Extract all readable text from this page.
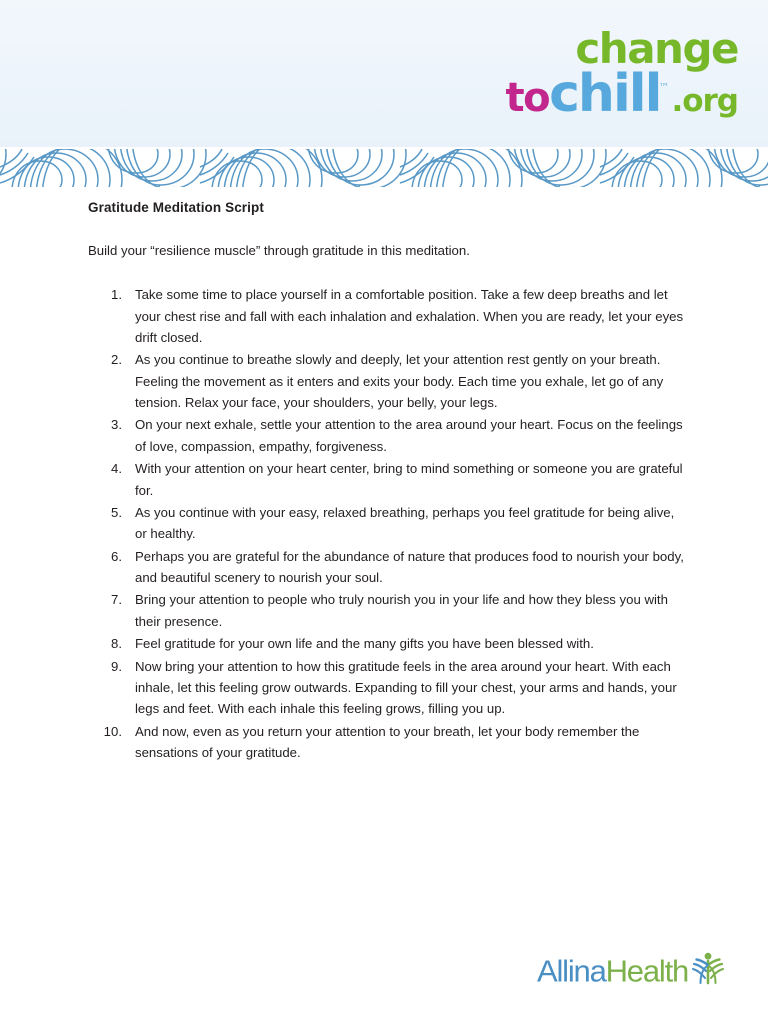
change
tochill™.org
Gratitude Meditation Script

Build your “resilience muscle” through gratitude in this meditation.

Take some time to place yourself in a comfortable position. Take a few deep breaths and let your chest rise and fall with each inhalation and exhalation. When you are ready, let your eyes drift closed.
As you continue to breathe slowly and deeply, let your attention rest gently on your breath. Feeling the movement as it enters and exits your body. Each time you exhale, let go of any tension. Relax your face, your shoulders, your belly, your legs.
On your next exhale, settle your attention to the area around your heart. Focus on the feelings of love, compassion, empathy, forgiveness.
With your attention on your heart center, bring to mind something or someone you are grateful for.
As you continue with your easy, relaxed breathing, perhaps you feel gratitude for being alive, or healthy.
Perhaps you are grateful for the abundance of nature that produces food to nourish your body, and beautiful scenery to nourish your soul.
Bring your attention to people who truly nourish you in your life and how they bless you with their presence.
Feel gratitude for your own life and the many gifts you have been blessed with.
Now bring your attention to how this gratitude feels in the area around your heart. With each inhale, let this feeling grow outwards. Expanding to fill your chest, your arms and hands, your legs and feet. With each inhale this feeling grows, filling you up.
And now, even as you return your attention to your breath, let your body remember the sensations of your gratitude.
AllinaHealth
